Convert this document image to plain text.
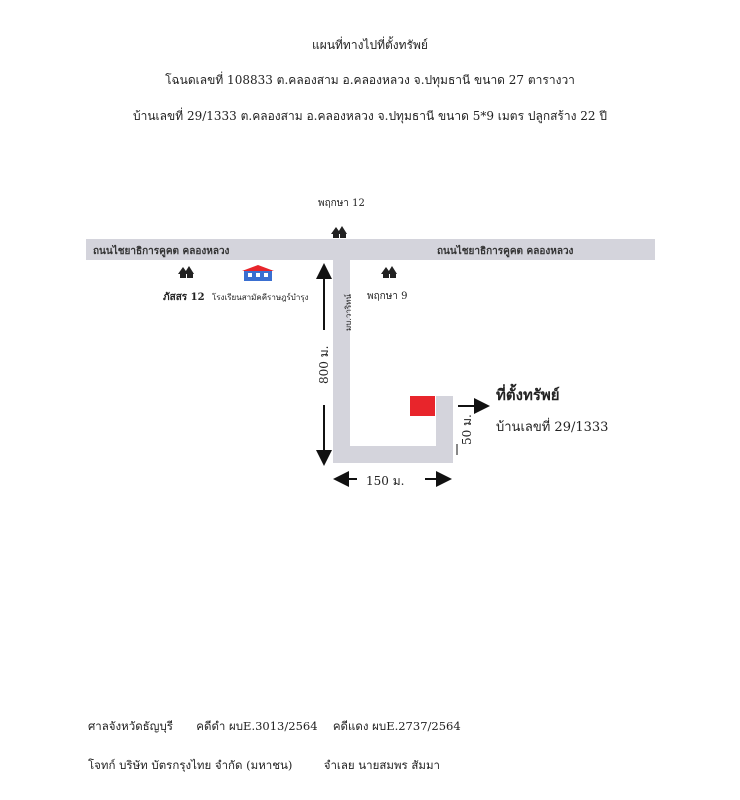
แผนที่ทางไปที่ตั้งทรัพย์
โฉนดเลขที่ 108833 ต.คลองสาม อ.คลองหลวง จ.ปทุมธานี ขนาด 27 ตารางวา
บ้านเลขที่ 29/1333 ต.คลองสาม อ.คลองหลวง จ.ปทุมธานี ขนาด 5*9 เมตร ปลูกสร้าง 22 ปี
ถนนไชยาธิการคูคต คลองหลวง	ถนนไชยาธิการคูคต คลองหลวง
พฤกษา 12
ภัสสร 12 โรงเรียนสามัคคีราษฎร์บำรุง	พฤกษา 9
มบ.วาริทน์
800 ม.
150 ม.
50 ม.
ที่ตั้งทรัพย์
บ้านเลขที่ 29/1333
ศาลจังหวัดธัญบุรี คดีดำ ผบE.3013/2564 คดีแดง ผบE.2737/2564
โจทก์ บริษัท บัตรกรุงไทย จำกัด (มหาชน)	จำเลย นายสมพร สัมมา
